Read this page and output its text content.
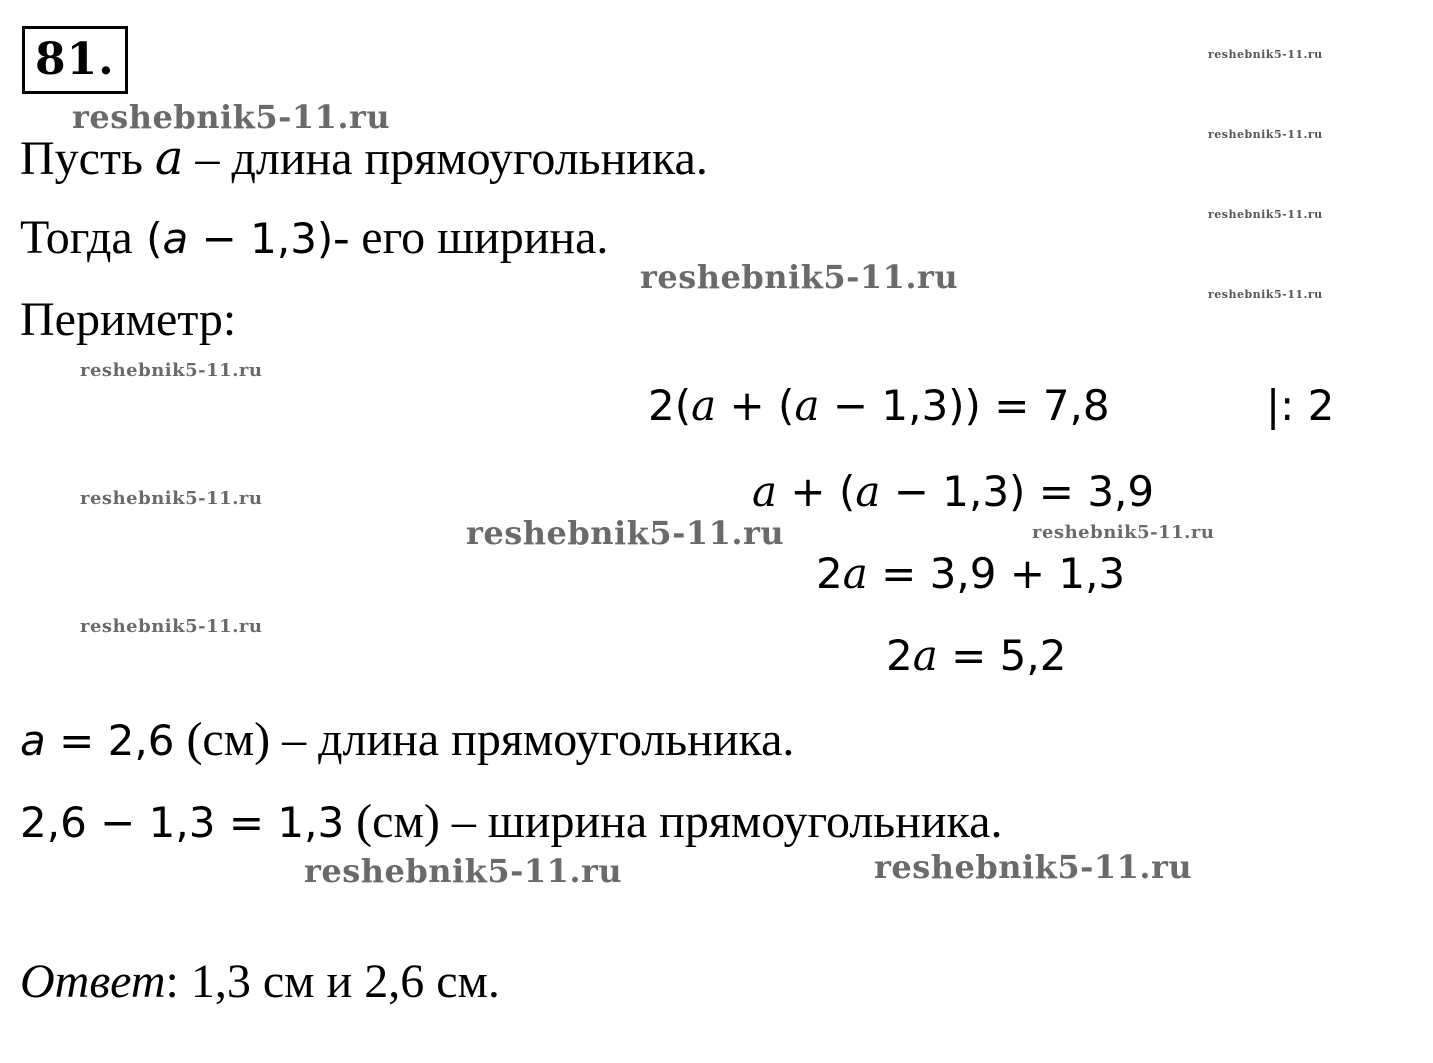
81.
reshebnik5-11.ru
reshebnik5-11.ru
reshebnik5-11.ru
reshebnik5-11.ru	reshebnik5-11.ru
reshebnik5-11.ru
reshebnik5-11.ru
reshebnik5-11.ru
reshebnik5-11.ru
reshebnik5-11.ru
reshebnik5-11.ru
reshebnik5-11.ru
reshebnik5-11.ru
Пусть a – длина прямоугольника.
Тогда (a − 1,3)- его ширина.
Периметр:
2(a + (a − 1,3)) = 7,8	|: 2
a + (a − 1,3) = 3,9
2a = 3,9 + 1,3
2a = 5,2
a = 2,6 (см) – длина прямоугольника.
2,6 − 1,3 = 1,3 (см) – ширина прямоугольника.
Ответ: 1,3 см и 2,6 см.
